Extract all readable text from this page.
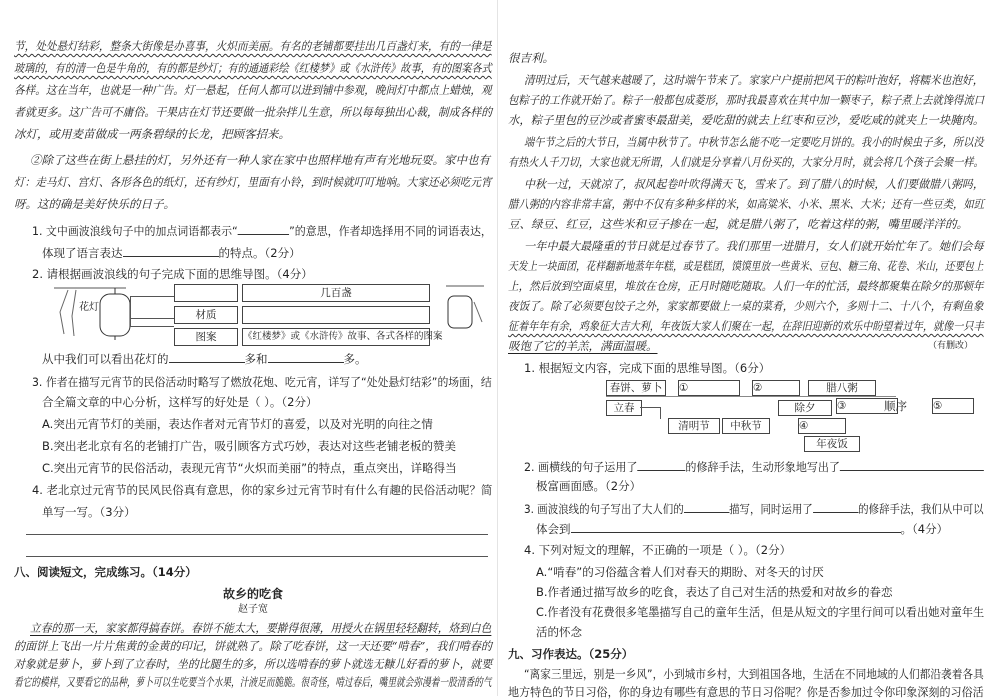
节，处处悬灯结彩，整条大街像是办喜事，火炽而美丽。有名的老铺都要挂出几百盏灯来，有的一律是
玻璃的，有的清一色是牛角的，有的都是纱灯；有的通通彩绘《红楼梦》或《水浒传》故事，有的图案各式
各样。这在当年，也就是一种广告。灯一悬起，任何人都可以进到铺中参观，晚间灯中都点上蜡烛，观
者就更多。这广告可不庸俗。干果店在灯节还要做一批杂拌儿生意，所以每每独出心裁，制成各样的
冰灯，或用麦苗做成一两条碧绿的长龙，把顾客招来。
②除了这些在街上悬挂的灯，另外还有一种人家在家中也照样地有声有光地玩耍。家中也有
灯：走马灯、宫灯、各形各色的纸灯，还有纱灯，里面有小铃，到时候就叮叮地响。大家还必须吃元宵
呀。这的确是美好快乐的日子。
1. 文中画波浪线句子中的加点词语都表示“	”的意思，作者却选择用不同的词语表达，
体现了语言表达	的特点。（2分）
2. 请根据画波浪线的句子完成下面的思维导图。（4分）
花灯
几百盏
材质
图案	《红楼梦》或《水浒传》故事、各式各样的图案
从中我们可以看出花灯的	多和	多。
3. 作者在描写元宵节的民俗活动时略写了燃放花炮、吃元宵，详写了“处处悬灯结彩”的场面，结
合全篇文章的中心分析，这样写的好处是（ ）。（2分）
A.突出元宵节灯的美丽，表达作者对元宵节灯的喜爱，以及对光明的向往之情
B.突出老北京有名的老铺打广告，吸引顾客方式巧妙，表达对这些老铺老板的赞美
C.突出元宵节的民俗活动，表现元宵节“火炽而美丽”的特点，重点突出，详略得当
4. 老北京过元宵节的民风民俗真有意思，你的家乡过元宵节时有什么有趣的民俗活动呢？简
单写一写。（3分）
八、阅读短文，完成练习。（14分）
故乡的吃食
赵子宽
立春的那一天，家家都得搞春饼。春饼不能太大，要擀得很薄，用授火在锅里轻轻翻转，烙到白色
的面饼上飞出一片片焦黄的金黄的印记，饼就熟了。除了吃春饼，这一天还要“啃春”，我们啃春的
对象就是萝卜，萝卜到了立春时，坐的比腿生的多，所以选啃春的萝卜就选无糠儿好看的萝卜，就要
看它的模样，又要看它的品种，萝卜可以生吃要当个水果，汁液足而脆脆。很奇怪，啃过春后，嘴里就会弥漫着一股清香的气
很吉利。
清明过后，天气越来越暖了，这时端午节来了。家家户户提前把风干的粽叶泡好，将糯米也泡好，
包粽子的工作就开始了。粽子一般都包成菱形，那时我最喜欢在其中加一颗枣子，粽子煮上去就馋得流口
水，粽子里包的豆沙或者蜜枣最甜美，爱吃甜的就去上红枣和豆沙，爱吃咸的就夹上一块腌肉。
端午节之后的大节日，当属中秋节了。中秋节怎么能不吃一定要吃月饼的。我小的时候虫子多，所以没
有热火人千刀切，大家也就无所谓，人们就是分享着八月份买的，大家分月时，就会将几个孩子会聚一样。
中秋一过，天就凉了，叔风起卷叶吹得满天飞，雪来了。到了腊八的时候，人们要做腊八粥吗，
腊八粥的内容非常丰富，粥中不仅有多种多样的米，如高粱米、小米、黑米、大米；还有一些豆类，如豇
豆、绿豆、红豆，这些米和豆子掺在一起，就是腊八粥了，吃着这样的粥，嘴里暖洋洋的。
一年中最大最隆重的节日就是过春节了。我们那里一进腊月，女人们就开始忙年了。她们会每
天发上一块面团，花样翻新地蒸年年糕，或是糕团，馍馍里放一些黄米、豆包、糖三角、花卷、米山，还要包上
上，然后放到空面桌里，堆放在仓房，正月时随吃随取。人们一年的忙活，最终都聚集在除夕的那顿年
夜饭了。除了必须要包饺子之外，家家都要做上一桌的菜肴，少则六个，多则十二、十八个，有剩鱼象
征着年年有余，鸡象征大吉大利，年夜饭大家人们聚在一起，在辞旧迎新的欢乐中盼望着过年，就像一只丰
吸饱了它的羊羔，满面温暖。	（有删改）
1. 根据短文内容，完成下面的思维导图。（6分）
春饼、萝卜	①	②	腊八粥
③
立春	除夕	⑤
清明节	中秋节	④
年夜饭
顺序
2. 画横线的句子运用了	的修辞手法，生动形象地写出了
极富画面感。（2分）
3. 画波浪线的句子写出了大人们的	描写，同时运用了	的修辞手法，我们从中可以
体会到	。（4分）
4. 下列对短文的理解，不正确的一项是（ ）。（2分）
A.“啃春”的习俗蕴含着人们对春天的期盼、对冬天的讨厌
B.作者通过描写故乡的吃食，表达了自己对生活的热爱和对故乡的眷恋
C.作者没有花费很多笔墨描写自己的童年生活，但是从短文的字里行间可以看出她对童年生
活的怀念
九、习作表达。（25分）
“离家三里远，别是一乡风”，小到城市乡村，大到祖国各地，生活在不同地域的人们都沿袭着各具
地方特色的节日习俗，你的身边有哪些有意思的节日习俗呢？你是否参加过令你印象深刻的习俗活
